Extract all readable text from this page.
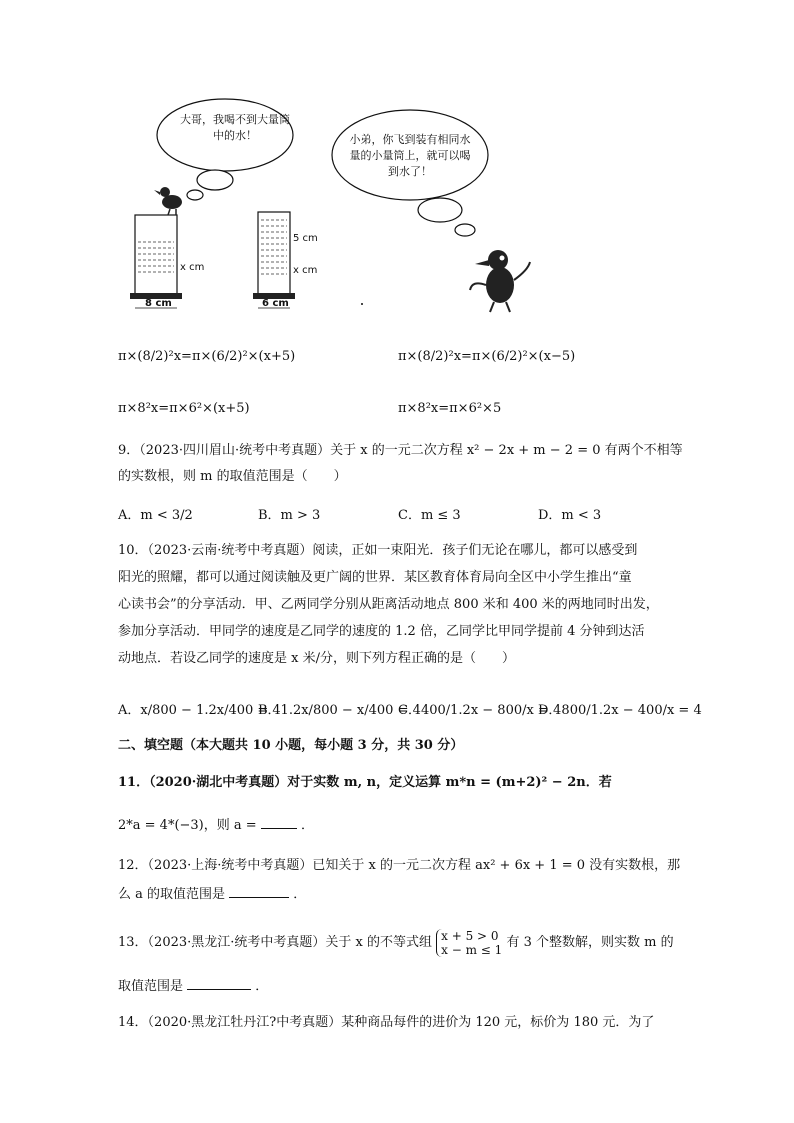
大哥，我喝不到大量筒中的水！	小弟，你飞到装有相同水量的小量筒上，就可以喝到水了！
8 cm	6 cm
x cm	x cm
5 cm
π×(8/2)²x=π×(6/2)²×(x+5)	π×(8/2)²x=π×(6/2)²×(x−5)
π×8²x=π×6²×(x+5)	π×8²x=π×6²×5
9．（2023·四川眉山·统考中考真题）关于 x 的一元二次方程 x² − 2x + m − 2 = 0 有两个不相等
的实数根，则 m 的取值范围是（　　）
A．m < 3/2	B．m > 3	C．m ≤ 3	D．m < 3
10．（2023·云南·统考中考真题）阅读，正如一束阳光．孩子们无论在哪儿，都可以感受到
阳光的照耀，都可以通过阅读触及更广阔的世界．某区教育体育局向全区中小学生推出“童
心读书会”的分享活动．甲、乙两同学分别从距离活动地点 800 米和 400 米的两地同时出发，
参加分享活动．甲同学的速度是乙同学的速度的 1.2 倍，乙同学比甲同学提前 4 分钟到达活
动地点．若设乙同学的速度是 x 米/分，则下列方程正确的是（　　）
A．x/800 − 1.2x/400 = 4
B．1.2x/800 − x/400 = 4
C．400/1.2x − 800/x = 4
D．800/1.2x − 400/x = 4
二、填空题（本大题共 10 小题，每小题 3 分，共 30 分）
11．（2020·湖北中考真题）对于实数 m, n，定义运算 m*n = (m+2)² − 2n．若
2*a = 4*(−3)，则 a =	．
12．（2023·上海·统考中考真题）已知关于 x 的一元二次方程 ax² + 6x + 1 = 0 没有实数根，那
么 a 的取值范围是	．
13．（2023·黑龙江·统考中考真题）关于 x 的不等式组 x + 5 > 0
x − m ≤ 1 有 3 个整数解，则实数 m 的
取值范围是	．
14．（2020·黑龙江牡丹江?中考真题）某种商品每件的进价为 120 元，标价为 180 元．为了
